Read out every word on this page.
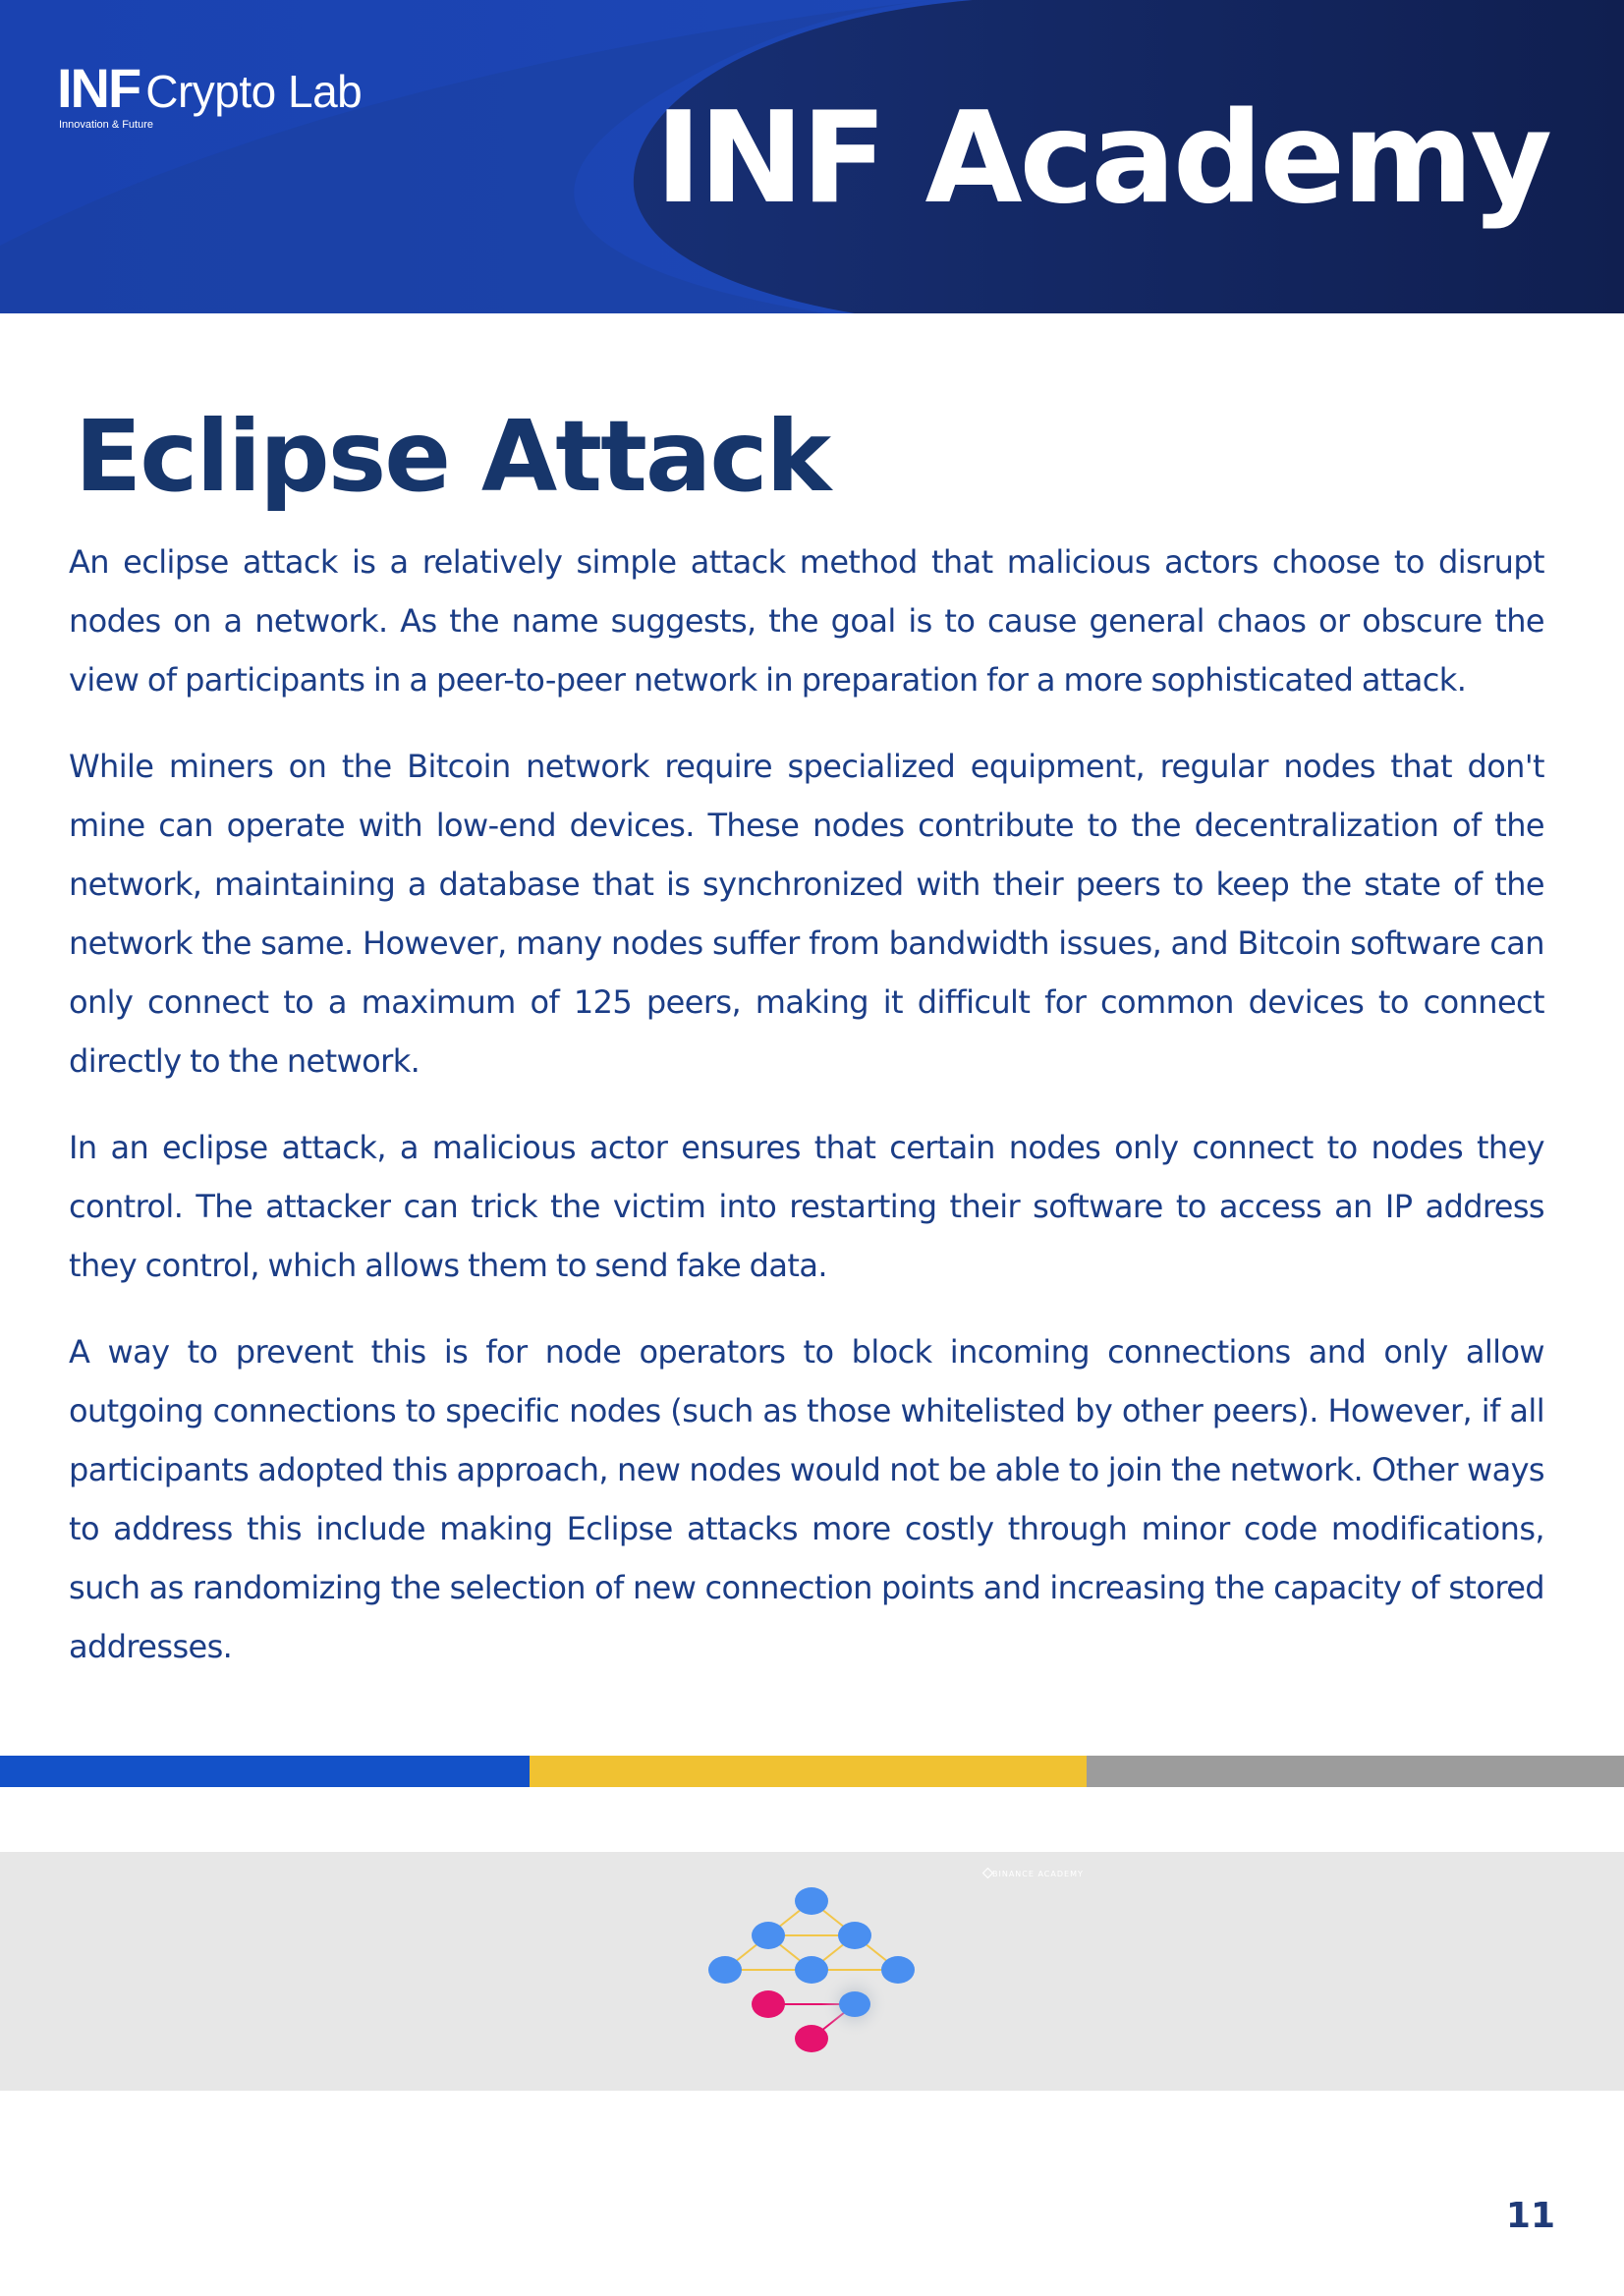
INF Crypto Lab
Innovation & Future	INF Academy
Eclipse Attack

An eclipse attack is a relatively simple attack method that malicious actors choose to disrupt nodes on a network. As the name suggests, the goal is to cause general chaos or obscure the view of participants in a peer-to-peer network in preparation for a more sophisticated attack.

While miners on the Bitcoin network require specialized equipment, regular nodes that don't mine can operate with low-end devices. These nodes contribute to the decentralization of the network, maintaining a database that is synchronized with their peers to keep the state of the network the same. However, many nodes suffer from bandwidth issues, and Bitcoin software can only connect to a maximum of 125 peers, making it difficult for common devices to connect directly to the network.

In an eclipse attack, a malicious actor ensures that certain nodes only connect to nodes they control. The attacker can trick the victim into restarting their software to access an IP address they control, which allows them to send fake data.

A way to prevent this is for node operators to block incoming connections and only allow outgoing connections to specific nodes (such as those whitelisted by other peers). However, if all participants adopted this approach, new nodes would not be able to join the network. Other ways to address this include making Eclipse attacks more costly through minor code modifications, such as randomizing the selection of new connection points and increasing the capacity of stored addresses.

BINANCE ACADEMY
11
